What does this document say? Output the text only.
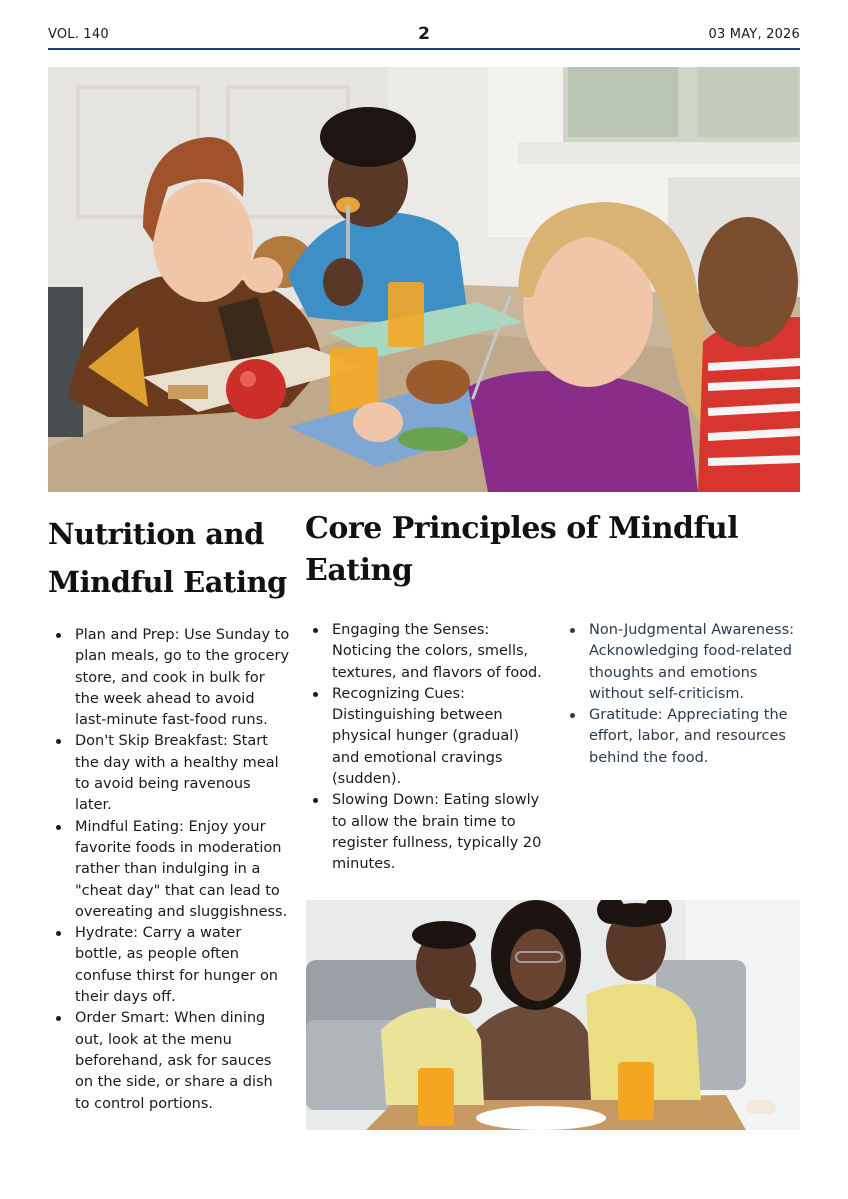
VOL. 140	2	03 MAY, 2026
Nutrition and Mindful Eating
Core Principles of Mindful Eating
Plan and Prep: Use Sunday to plan meals, go to the grocery store, and cook in bulk for the week ahead to avoid last-minute fast-food runs.
Don't Skip Breakfast: Start the day with a healthy meal to avoid being ravenous later.
Mindful Eating: Enjoy your favorite foods in moderation rather than indulging in a "cheat day" that can lead to overeating and sluggishness.
Hydrate: Carry a water bottle, as people often confuse thirst for hunger on their days off.
Order Smart: When dining out, look at the menu beforehand, ask for sauces on the side, or share a dish to control portions.
Engaging the Senses: Noticing the colors, smells, textures, and flavors of food.
Recognizing Cues: Distinguishing between physical hunger (gradual) and emotional cravings (sudden).
Slowing Down: Eating slowly to allow the brain time to register fullness, typically 20 minutes.
Non-Judgmental Awareness: Acknowledging food-related thoughts and emotions without self-criticism.
Gratitude: Appreciating the effort, labor, and resources behind the food.
